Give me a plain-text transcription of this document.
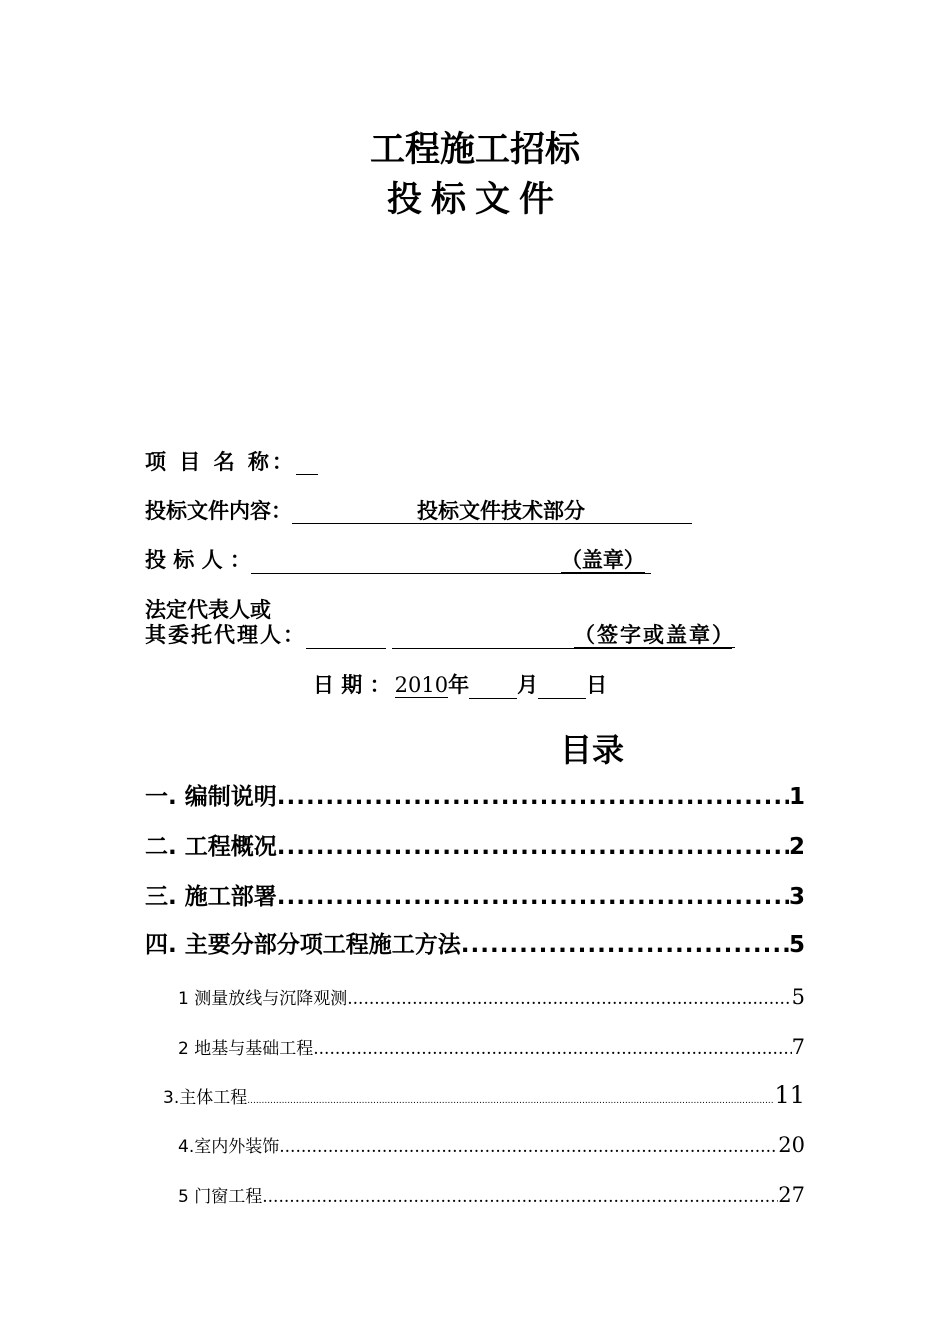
工程施工招标
投标文件
项 目 名 称：
投标文件内容：	投标文件技术部分
投 标 人 ：	（盖章）
法定代表人或
其委托代理人：	（签字或盖章）
日 期 ： 2010年 月 日
目录
一. 编制说明 .....	1
二. 工程概况 .....	2
三. 施工部署 .....	3
四. 主要分部分项工程施工方法 .....	5
1 测量放线与沉降观测 .....	5
2 地基与基础工程 .....	7
3.主体工程 .....	11
4.室内外装饰 .....	20
5 门窗工程 .....	27
